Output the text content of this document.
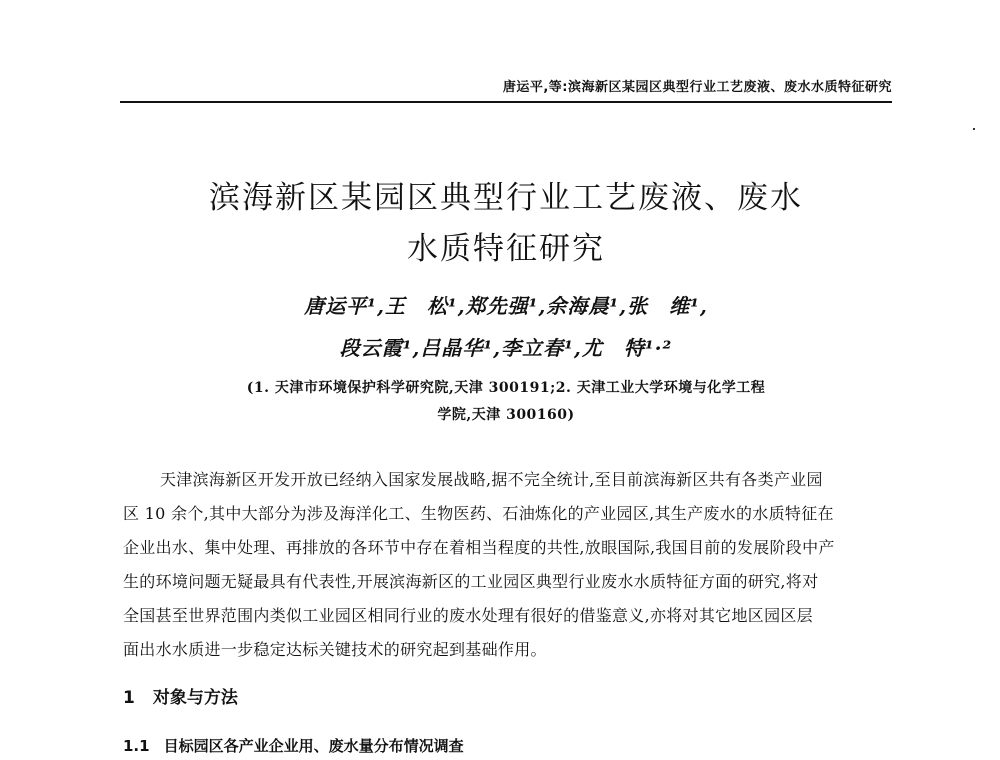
唐运平,等:滨海新区某园区典型行业工艺废液、废水水质特征研究
滨海新区某园区典型行业工艺废液、废水
水质特征研究
唐运平¹,王　松¹,郑先强¹,余海晨¹,张　维¹,
段云霞¹,吕晶华¹,李立春¹,尤　特¹·²
(1. 天津市环境保护科学研究院,天津 300191;2. 天津工业大学环境与化学工程
学院,天津 300160)
天津滨海新区开发开放已经纳入国家发展战略,据不完全统计,至目前滨海新区共有各类产业园
区 10 余个,其中大部分为涉及海洋化工、生物医药、石油炼化的产业园区,其生产废水的水质特征在
企业出水、集中处理、再排放的各环节中存在着相当程度的共性,放眼国际,我国目前的发展阶段中产
生的环境问题无疑最具有代表性,开展滨海新区的工业园区典型行业废水水质特征方面的研究,将对
全国甚至世界范围内类似工业园区相同行业的废水处理有很好的借鉴意义,亦将对其它地区园区层
面出水水质进一步稳定达标关键技术的研究起到基础作用。
1 对象与方法
1.1 目标园区各产业企业用、废水量分布情况调查
